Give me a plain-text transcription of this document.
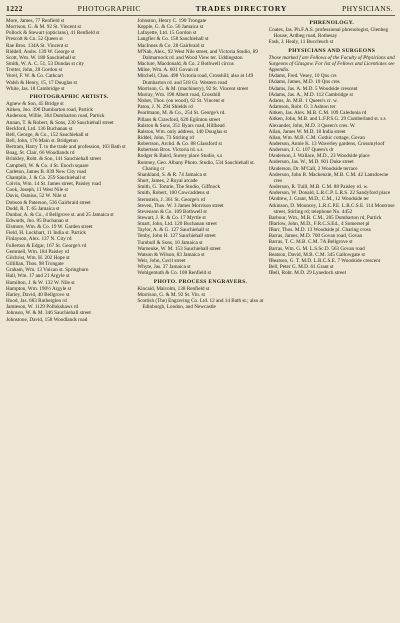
1222	PHOTOGRAPHIC	TRADES DIRECTORY	PHYSICIANS.

More, James, 77 Renfield st

Morrison, G. & M. 92 St. Vincent st

Pollock & Stewart (opticians), 41 Renfield st

Prescott & Co. 52 Queen st

Rae Bros. 134A St. Vincent st

Riddell, Andw. 139 W. George st

Scott, Wm. W. 180 Sauchiehall st

Smith, W. A. C. 51, 53 Dundas st city

Trotter, John, 28 Gordon st

Verel, F. W. & Co. Cathcart

Walsh & Henry, 15, 17 Douglas st

White, Jas. 18 Cambridge st

PHOTOGRAPHIC ARTISTS.

Agnew & Son, 45 Bridge st

Aitken, Jno. 390 Dumbarton road, Partick

Anderson, Willie, 364 Dumbarton road, Partick

Annan, T. & Robert, & Sons, 230 Sauchiehall street

Beckford, Ltd. 136 Buchanan st

Bell, George, & Co., 152 Sauchiehall st

Bell, John, 176 Main st. Bridgeton

Bertram, Harry T. to the trade and profession, 103 Bath st

Boag, St. Clair, 66 Woodlands rd

Brinkley, Robt. & Son, 141 Sauchiehall street

Campbell, W. & Co. 4 St. Enoch square

Carleton, James B. 839 New City road

Champlin, J. & Co. 259 Sauchiehall st

Colvin, Wm. 14 St. James street, Paisley road

Cook, Joseph, 11 West Nile st

Davis, Osmius, 52 W. Nile st

Dobson & Paterson, 536 Gairbraid street

Dodd, R. T. 65 Jamaica st

Dunbar, A. & Co., 4 Bellgrove st. and 25 Jamaica st

Edwards, Jno. 85 Buchanan st

Elsmore, Wm. & Co. 19 W. Garden street

Field, H. Lockhart, 11 India st. Partick

Finlayson, Alex. 137 N. City rd

Fullerton & Edgar, 167 St. George's rd

Gemmell, Wm. 184 Paisley rd

Gilchrist, Wm. H. 202 Hope st

Gillillan, Thos. 98 Trongate

Graham, Wm. 13 Vulcan st. Springburn

Hall, Wm. 17 and 21 Argyle st

Hamilton, J. & W. 132 W. Nile st

Hampton, Wm. 190½ Argyle st

Harley, David, 40 Bellgrove st

Hood, Jas. 683 Rutherglen rd

Jamieson, W. 1129 Pollokshaws rd

Johnson, W. & M. 346 Sauchiehall street

Johnstone, David, 158 Woodlands road

Johnston, Henry C. 190 Trongate

Kepple, G. & Co. 56 Jamaica st

Lafayette, Ltd. 15 Gordon st

Langfier & Co. 158 Sauchiehall st

MacInnes & Co. 28 Gairbraid st

M'Nab, Alex., 92 West Nile street, and Victoria Studio, 89 Dalmarnock rd. and Wood View ter. Uddingston

Maclure, Macdonald, & Co. 2 Bothwell circus

Milne, Wm. A. 601 Govan rd

Mitchell, Chas. 498 Victoria road, Crosshill; also at 149 Dumbarton rd. and 518 Gt. Western road

Morrison, G. & M. (machinery), 92 St. Vincent street

Murray, Wm. 198 Albert road, Crosshill

Nisbet, Thos. (on wood), 62 St. Vincent st

Paton, J. N. 294 Shields rd

Pearlmann, M. & Co., 254 St. George's rd.

Pillans & Crawford, 620 Eglinton street

Ralston & Sons, 351 Byars road, Hillhead

Ralston, Wm. only address, 140 Douglas st

Riddel, John, 73 Stirling rd

Robertson, Archd. & Co. 88 Glassford st

Robertson Bros. Victoria rd. s.s

Rodger & Baird, Surrey place Studio, s.s

Romney, Geo. Albany Photo. Studio, 534 Sauchiehall st. Charing cr

Shankland, S. & R. 74 Jamaica st

Short, James, 2 Royal arcade

Smith, G. Tomrie, The Studio, Giffnock

Smith, Robert, 100 Cowcaddens st

Sternstein, J. 361 St. George's rd

Steven, Thos. W. 3 James Morrison street

Stevenson & Co. 109 Bothwell st

Stewart, J. R. & Co. 17 Myrtle st

Stuart, John, Ltd. 120 Buchanan street

Taylor, A. & G. 127 Sauchiehall st

Tenby, John H. 127 Sauchiehall street

Turnbull & Sons, 10 Jamaica st

Warneuke, W. M. 153 Sauchiehall street

Watson & Wilson, 83 Jamaica st

Weir, John, Cecil street

Whyte, Jas. 37 Jamaica st

Wohlgemuth & Co. 108 Renfield st

PHOTO. PROCESS ENGRAVERS.

Kincaid, Malcolm, 138 Renfield st

Morrison, G. & M. 92 St. Vin. st

Scottish (The) Engraving Co. Ltd. 12 and 14 Bath st.; also at Edinburgh, London, and Newcastle

PHRENOLOGY.

Coates, Jas. Ph.F.A.S. professional phrenologist, Glenbeg House, Ardbeg road, Rothesay

Fash, J. Healy, 11 Buccleuch st

PHYSICIANS AND SURGEONS

Those marked f are Fellows of the Faculty of Physicians and Surgeons of Glasgow. For list of Fellows and Licentiates see Appendix.

fAdams, Fred. Vesey, 10 Qns crs

fAdams, James, M.D. 10 Qns cres

fAdams, Jas. A. M.D. 5 Woodside crescent

fAdams, Jas. A., M.D. 112 Cambridge st

Adams, Jn. M.B. 1 Queen's cr. w.

Adamson, Robt. O. 3 Ashton ter

Aitken, Jas. Alex. M.B. C.M. 109 Caledonia rd

Aitken, John, M.B. and L.F.P.S.G. 29 Cumberland st. s.s

Alexander, John, M.D. 3 Queen's cres. W.

Allan, James W. M.D. 18 India street

Allan, Wm. M.B. C.M. Gothic cottage, Govan

Anderson, Annie K. 13 Waverley gardens, Crossmyloof

Anderson, J. G. 107 Queen's dr

fAnderson, J. Wallace, M.D., 23 Woodside place

Anderson, Jas. W., M.D. 601 Duke street

fAnderson, Dr. M'Call, 2 Woodside terrace

Anderson, John B. Mackenzie, M.B. C.M. 42 Lansdowne cres

Anderson, R. Tuill, M.B. C.M. 88 Paisley rd. w.

Anderson, W. Donald, L.R.C.P. L.R.S. 22 Sandyford place

fAndrew, J. Grant, M.D., C.M., 12 Woodside ter

Atkinson, D. Mouncey, L.R.C.P.E. L.R.C.S.E. 114 Montrose street, Stirling rd; telephone No. 4452

Barbour, Wm., M.B. C.M., 205 Dumbarton rd, Partick

fBarlow, John, M.D., F.R.C.S.Ed., 4 Somerset pl

fBarr, Thos. M.D. 13 Woodside pl. Charing cross

Barras, James, M.D. 700 Govan road, Govan

Barras, T. C. M.B. C.M. 7A Bellgrove st

Barras, Wm. G. M. L.S.Sc.D. 563 Govan road

Beatson, David, M.B. C.M. 345 Gallowgate st

fBeatson, G. T. M.D. L.R.C.S.E. 7 Woodside crescent

Bell, Peter G. M.D. 61 Grant st

fBell, Robt. M.D. 29 Lynedoch street
